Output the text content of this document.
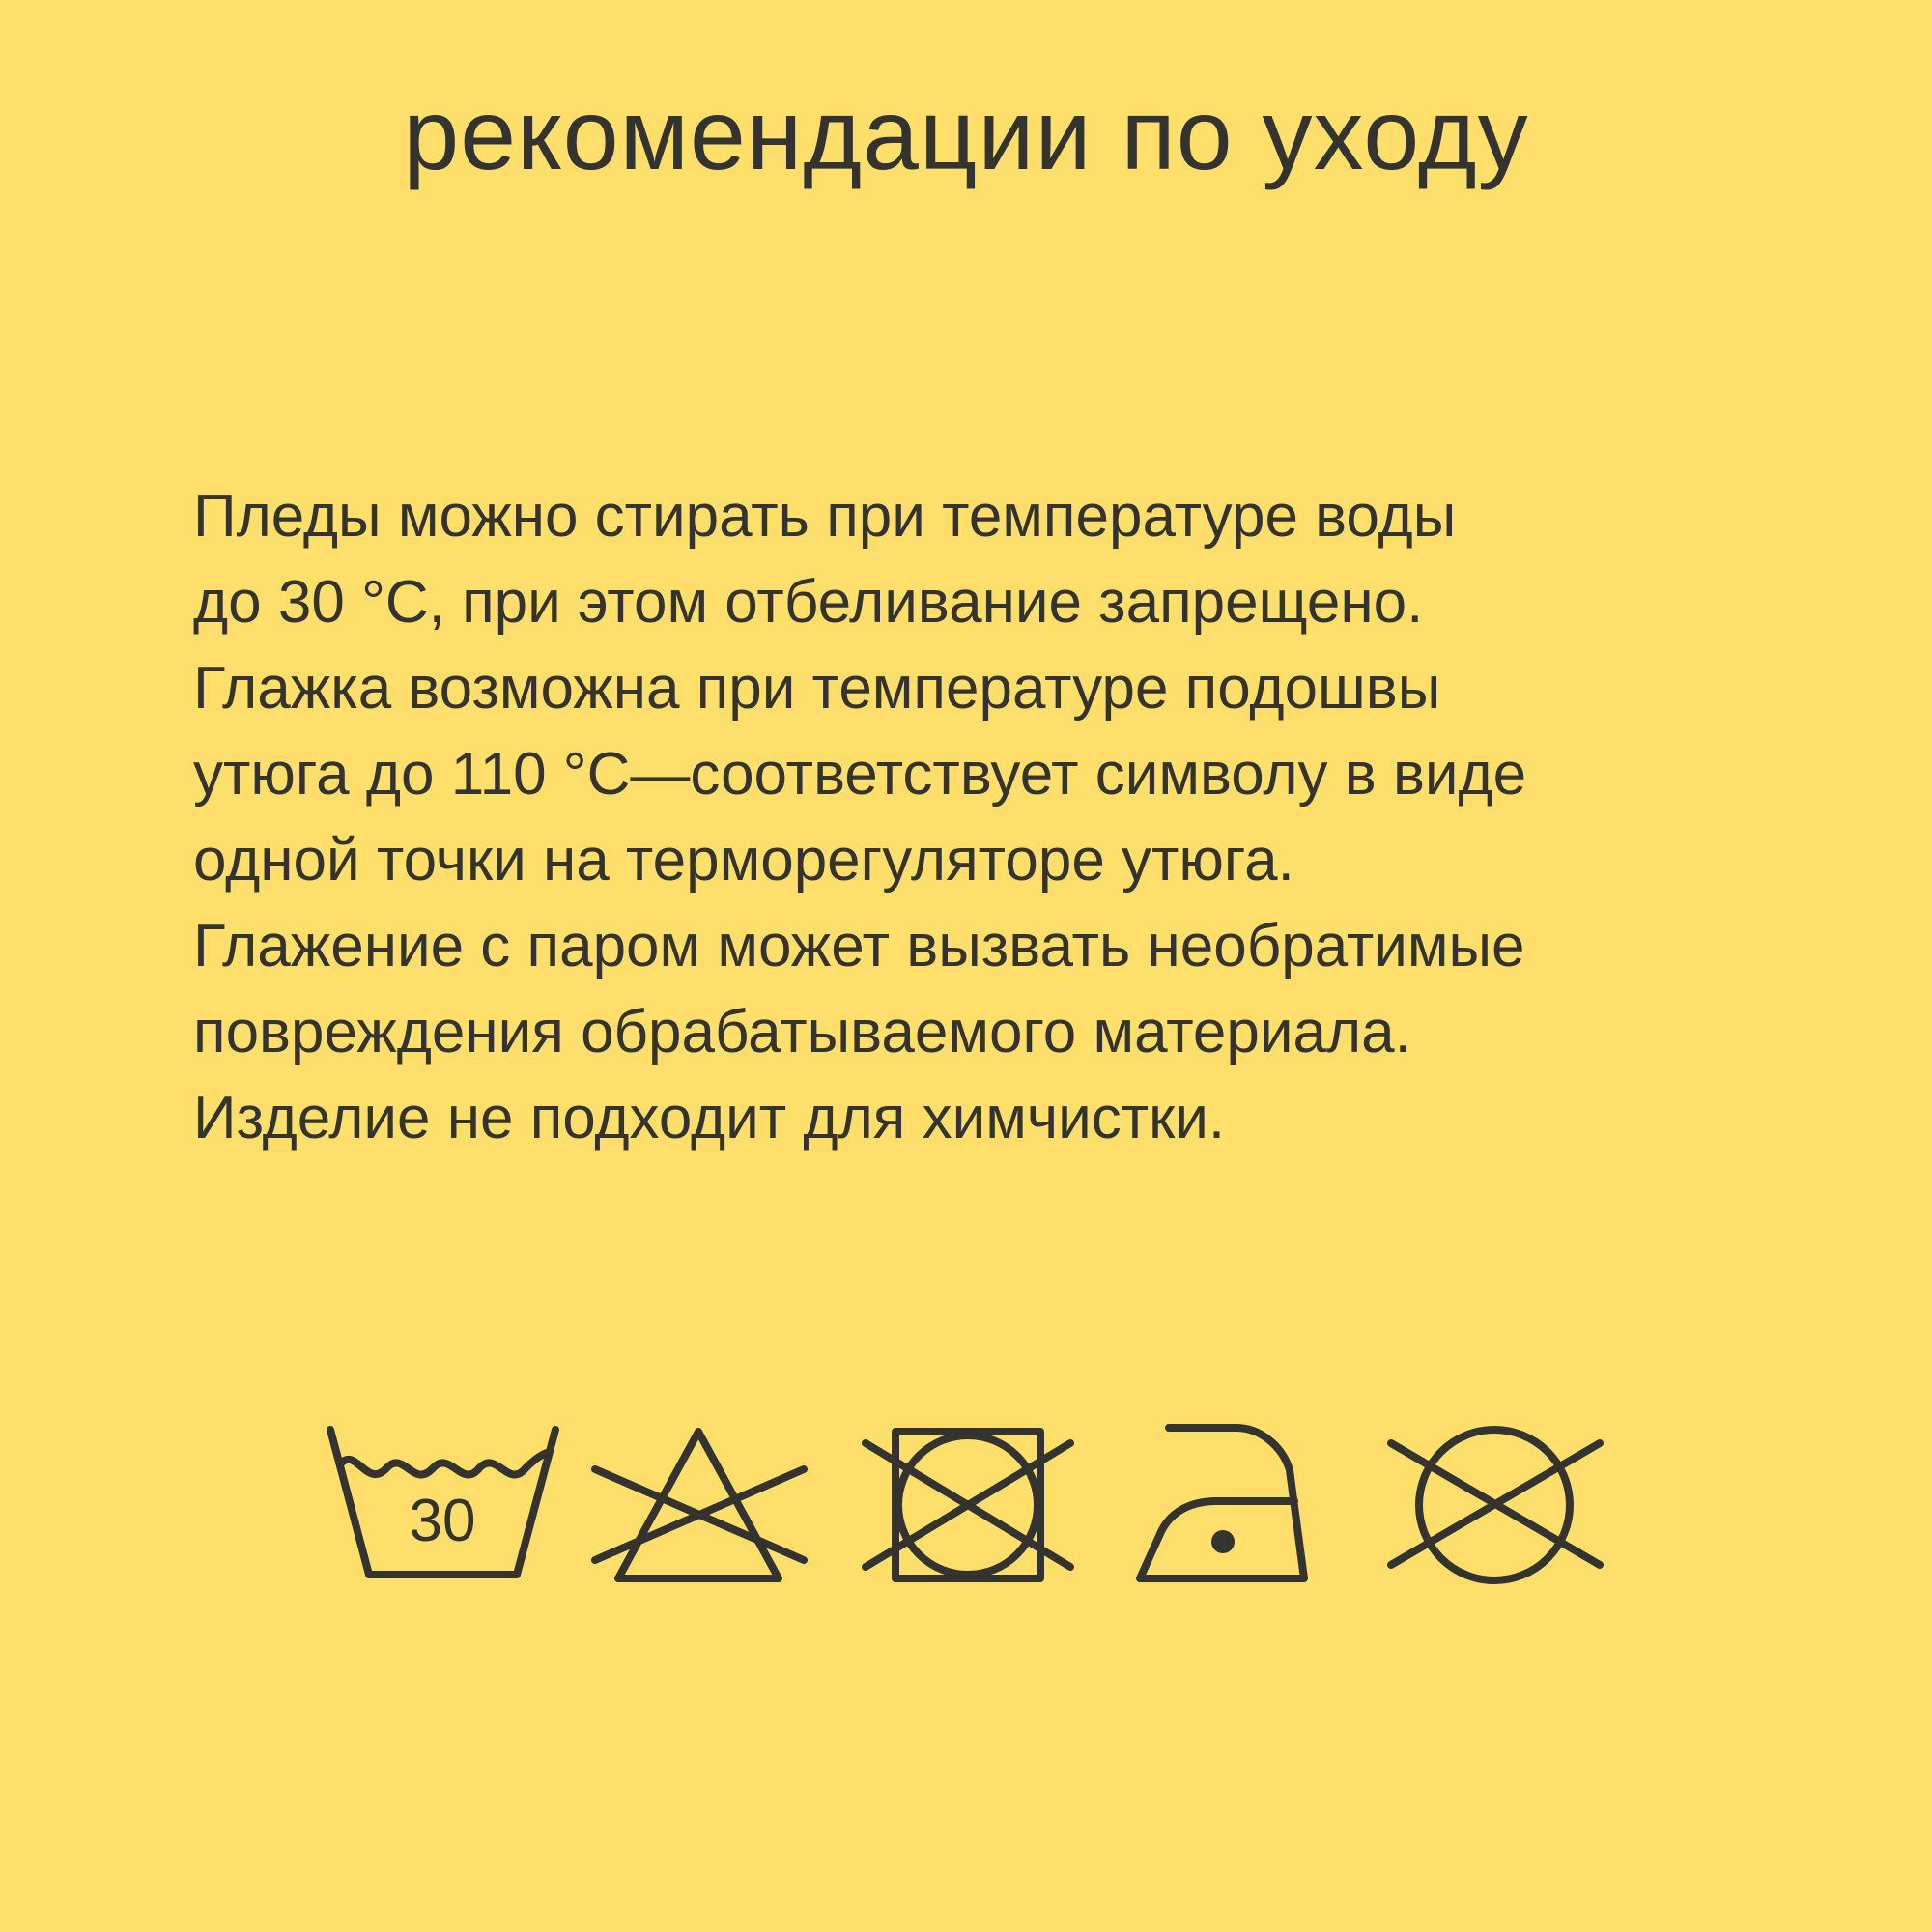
рекомендации по уходу
Пледы можно стирать при температуре воды
до 30 °С, при этом отбеливание запрещено.
Глажка возможна при температуре подошвы
утюга до 110 °С—соответствует символу в виде
одной точки на терморегуляторе утюга.
Глажение с паром может вызвать необратимые
повреждения обрабатываемого материала.
Изделие не подходит для химчистки.
30
